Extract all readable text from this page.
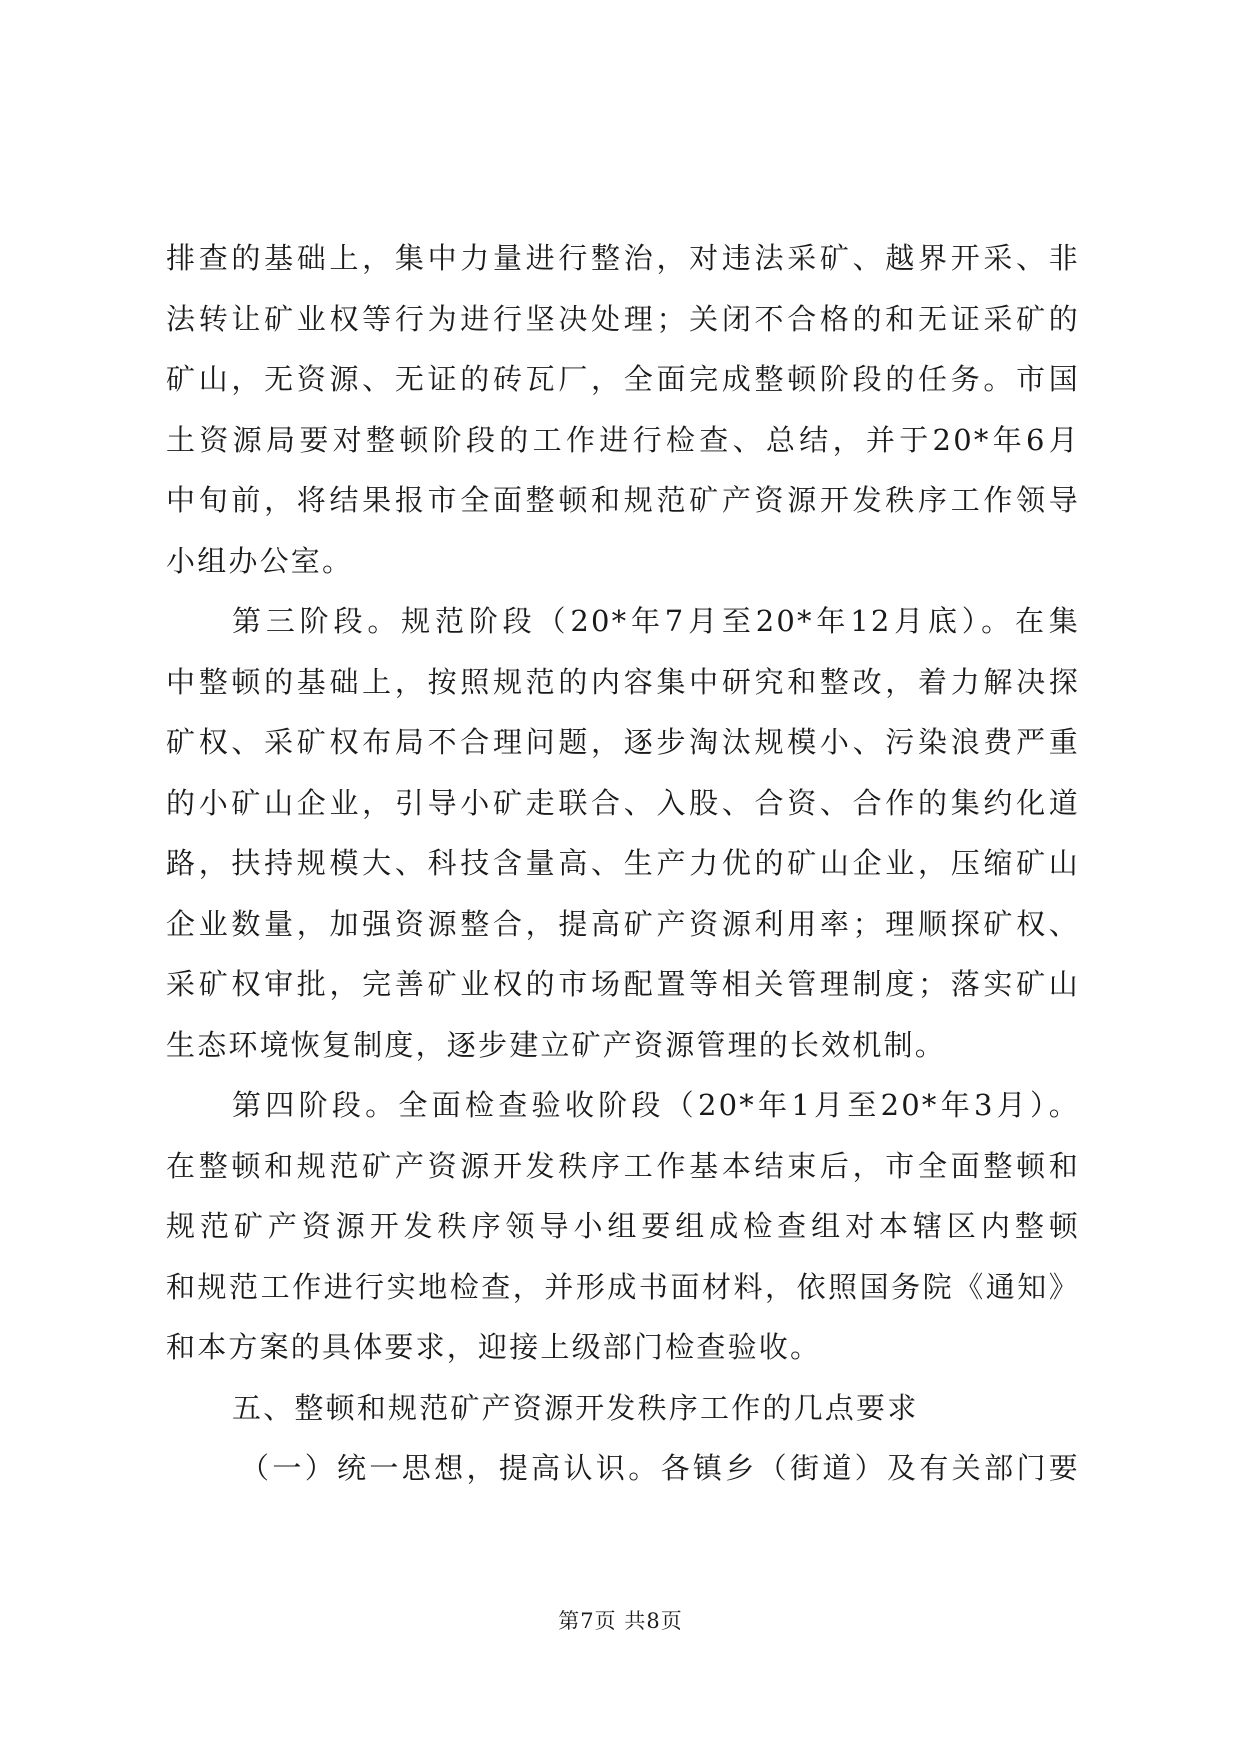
排查的基础上，集中力量进行整治，对违法采矿、越界开采、非
法转让矿业权等行为进行坚决处理；关闭不合格的和无证采矿的
矿山，无资源、无证的砖瓦厂，全面完成整顿阶段的任务。市国
土资源局要对整顿阶段的工作进行检查、总结，并于20*年6月
中旬前，将结果报市全面整顿和规范矿产资源开发秩序工作领导
小组办公室。
第三阶段。规范阶段（20*年7月至20*年12月底）。在集
中整顿的基础上，按照规范的内容集中研究和整改，着力解决探
矿权、采矿权布局不合理问题，逐步淘汰规模小、污染浪费严重
的小矿山企业，引导小矿走联合、入股、合资、合作的集约化道
路，扶持规模大、科技含量高、生产力优的矿山企业，压缩矿山
企业数量，加强资源整合，提高矿产资源利用率；理顺探矿权、
采矿权审批，完善矿业权的市场配置等相关管理制度；落实矿山
生态环境恢复制度，逐步建立矿产资源管理的长效机制。
第四阶段。全面检查验收阶段（20*年1月至20*年3月）。
在整顿和规范矿产资源开发秩序工作基本结束后，市全面整顿和
规范矿产资源开发秩序领导小组要组成检查组对本辖区内整顿
和规范工作进行实地检查，并形成书面材料，依照国务院《通知》
和本方案的具体要求，迎接上级部门检查验收。
五、整顿和规范矿产资源开发秩序工作的几点要求
（一）统一思想，提高认识。各镇乡（街道）及有关部门要
第7页 共8页
